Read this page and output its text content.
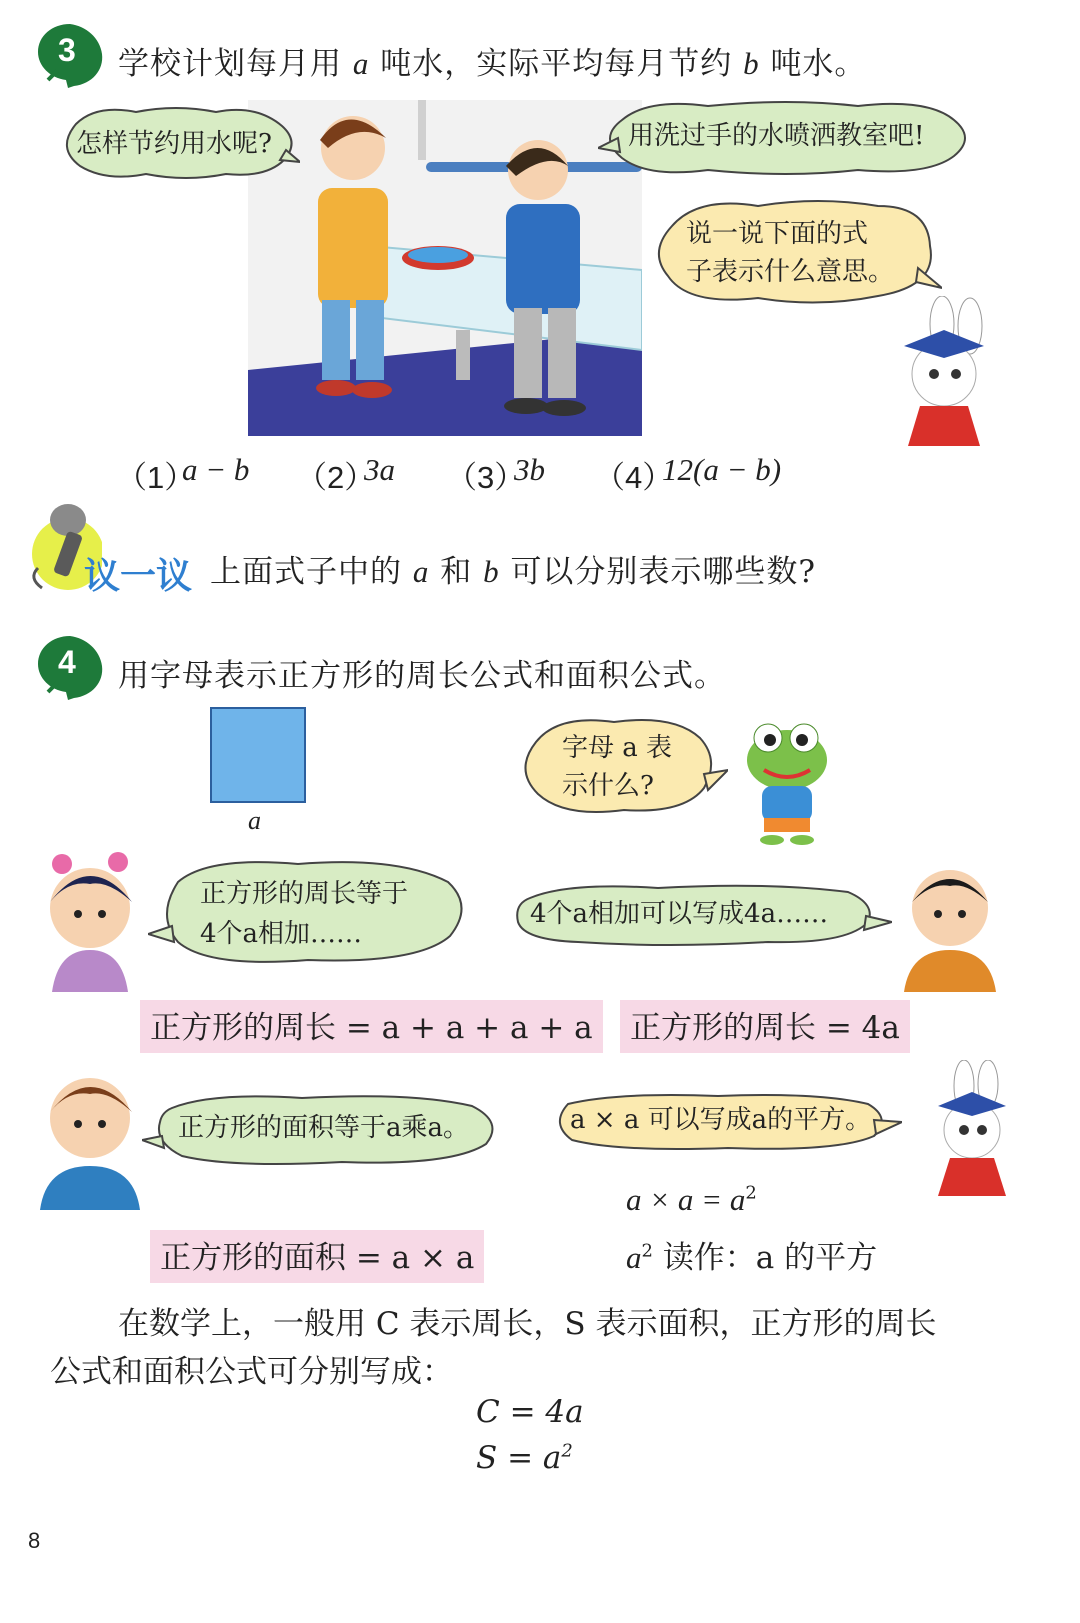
3 学校计划每月用 a 吨水，实际平均每月节约 b 吨水。
怎样节约用水呢?	用洗过手的水喷洒教室吧!
说一说下面的式
子表示什么意思。
（1）
a − b （2）
3a （3）
3b （4）
12(a − b)
议一议 上面式子中的 a 和 b 可以分别表示哪些数?
4 用字母表示正方形的周长公式和面积公式。
a
字母 a 表
示什么?
正方形的周长等于
4个a相加……
4个a相加可以写成4a……
正方形的周长 = a + a + a + a	正方形的周长 = 4a
正方形的面积等于a乘a。	a × a 可以写成a的平方。
$a \times a = a^2$
正方形的面积 = a × a	$a^2$ 读作：a 的平方
在数学上，一般用 C 表示周长，S 表示面积，正方形的周长
公式和面积公式可分别写成：
C = 4a
$S = a^2$
8
